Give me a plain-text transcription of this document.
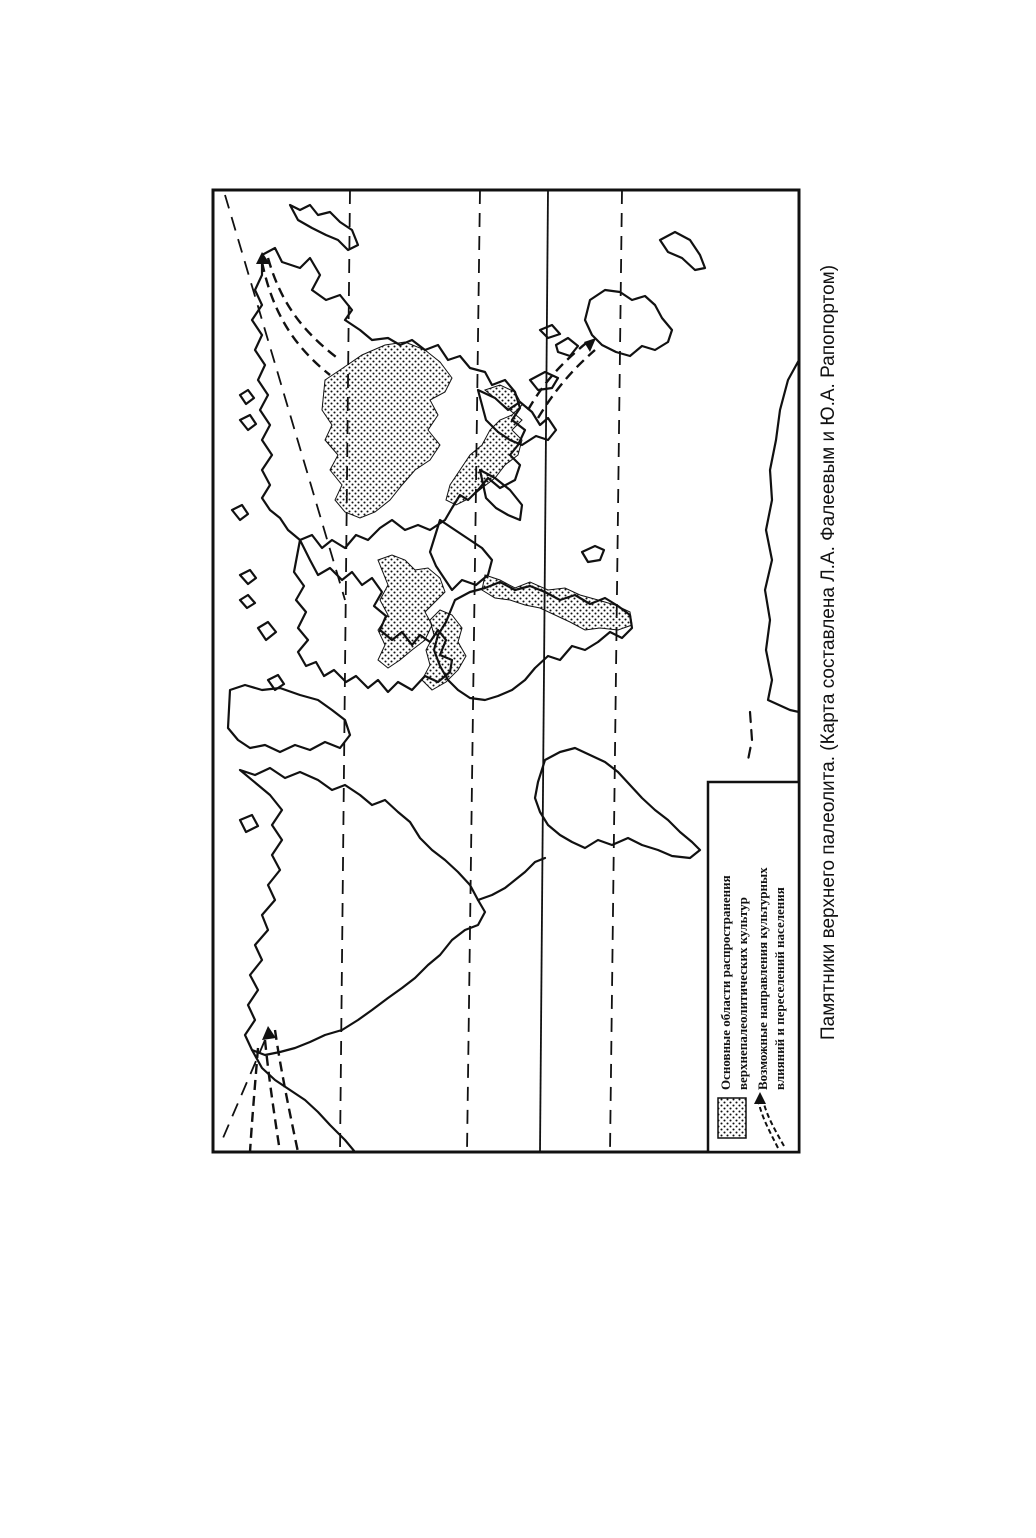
Основные области распространения верхнепалеолитических культур Возможные направления культурных влияний и переселений населения Памятники верхнего палеолита. (Карта составлена Л.А. Фалеевым и Ю.А. Рапопортом)
